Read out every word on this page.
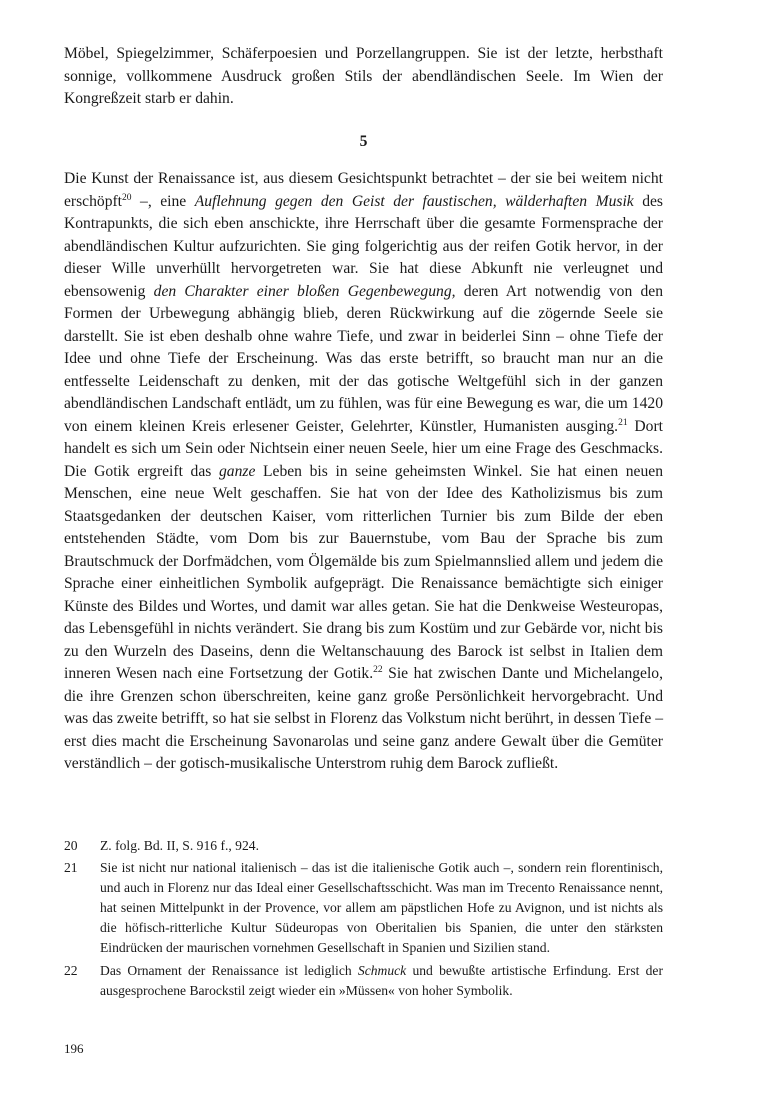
Möbel, Spiegelzimmer, Schäferpoesien und Porzellangruppen. Sie ist der letzte, herbsthaft sonnige, vollkommene Ausdruck großen Stils der abendländischen Seele. Im Wien der Kongreßzeit starb er dahin.

5

Die Kunst der Renaissance ist, aus diesem Gesichtspunkt betrachtet – der sie bei weitem nicht erschöpft$^{20}$ –, eine Auflehnung gegen den Geist der faustischen, wälderhaften Musik des Kontrapunkts, die sich eben anschickte, ihre Herrschaft über die gesamte Formensprache der abendländischen Kultur aufzurichten. Sie ging folgerichtig aus der reifen Gotik hervor, in der dieser Wille unverhüllt hervorgetreten war. Sie hat diese Abkunft nie verleugnet und ebensowenig den Charakter einer bloßen Gegenbewegung, deren Art notwendig von den Formen der Urbewegung abhängig blieb, deren Rückwirkung auf die zögernde Seele sie darstellt. Sie ist eben deshalb ohne wahre Tiefe, und zwar in beiderlei Sinn – ohne Tiefe der Idee und ohne Tiefe der Erscheinung. Was das erste betrifft, so braucht man nur an die entfesselte Leidenschaft zu denken, mit der das gotische Weltgefühl sich in der ganzen abendländischen Landschaft entlädt, um zu fühlen, was für eine Bewegung es war, die um 1420 von einem kleinen Kreis erlesener Geister, Gelehrter, Künstler, Humanisten ausging.$^{21}$ Dort handelt es sich um Sein oder Nichtsein einer neuen Seele, hier um eine Frage des Geschmacks. Die Gotik ergreift das ganze Leben bis in seine geheimsten Winkel. Sie hat einen neuen Menschen, eine neue Welt geschaffen. Sie hat von der Idee des Katholizismus bis zum Staatsgedanken der deutschen Kaiser, vom ritterlichen Turnier bis zum Bilde der eben entstehenden Städte, vom Dom bis zur Bauernstube, vom Bau der Sprache bis zum Brautschmuck der Dorfmädchen, vom Ölgemälde bis zum Spielmannslied allem und jedem die Sprache einer einheitlichen Symbolik aufgeprägt. Die Renaissance bemächtigte sich einiger Künste des Bildes und Wortes, und damit war alles getan. Sie hat die Denkweise Westeuropas, das Lebensgefühl in nichts verändert. Sie drang bis zum Kostüm und zur Gebärde vor, nicht bis zu den Wurzeln des Daseins, denn die Weltanschauung des Barock ist selbst in Italien dem inneren Wesen nach eine Fortsetzung der Gotik.$^{22}$ Sie hat zwischen Dante und Michelangelo, die ihre Grenzen schon überschreiten, keine ganz große Persönlichkeit hervorgebracht. Und was das zweite betrifft, so hat sie selbst in Florenz das Volkstum nicht berührt, in dessen Tiefe – erst dies macht die Erscheinung Savonarolas und seine ganz andere Gewalt über die Gemüter verständlich – der gotisch-musikalische Unterstrom ruhig dem Barock zufließt.

20	Z. folg. Bd. II, S. 916 f., 924.
21	Sie ist nicht nur national italienisch – das ist die italienische Gotik auch –, sondern rein florentinisch, und auch in Florenz nur das Ideal einer Gesellschaftsschicht. Was man im Trecento Renaissance nennt, hat seinen Mittelpunkt in der Provence, vor allem am päpstlichen Hofe zu Avignon, und ist nichts als die höfisch-ritterliche Kultur Südeuropas von Oberitalien bis Spanien, die unter den stärksten Eindrücken der maurischen vornehmen Gesellschaft in Spanien und Sizilien stand.
22	Das Ornament der Renaissance ist lediglich Schmuck und bewußte artistische Erfindung. Erst der ausgesprochene Barockstil zeigt wieder ein »Müssen« von hoher Symbolik.
196
